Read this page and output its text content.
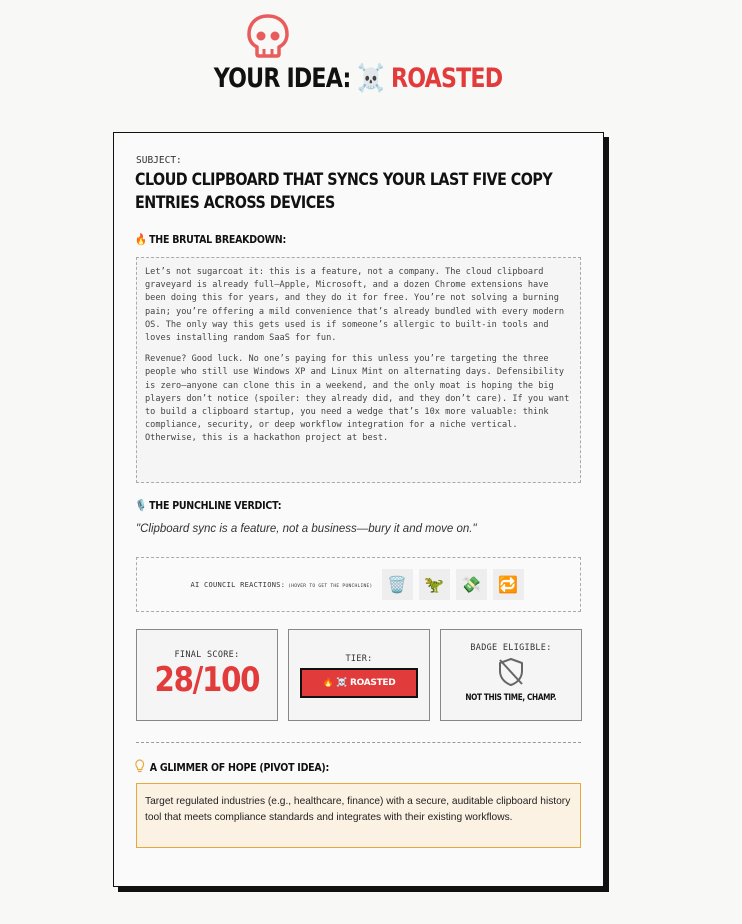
YOUR IDEA: ☠️ ROASTED
SUBJECT:
CLOUD CLIPBOARD THAT SYNCS YOUR LAST FIVE COPY ENTRIES ACROSS DEVICES
🔥 THE BRUTAL BREAKDOWN:

Let’s not sugarcoat it: this is a feature, not a company. The cloud clipboard graveyard is already full—Apple, Microsoft, and a dozen Chrome extensions have been doing this for years, and they do it for free. You’re not solving a burning pain; you’re offering a mild convenience that’s already bundled with every modern OS. The only way this gets used is if someone’s allergic to built-in tools and loves installing random SaaS for fun.

Revenue? Good luck. No one’s paying for this unless you’re targeting the three people who still use Windows XP and Linux Mint on alternating days. Defensibility is zero—anyone can clone this in a weekend, and the only moat is hoping the big players don’t notice (spoiler: they already did, and they don’t care). If you want to build a clipboard startup, you need a wedge that’s 10x more valuable: think compliance, security, or deep workflow integration for a niche vertical. Otherwise, this is a hackathon project at best.

🎙️ THE PUNCHLINE VERDICT:
"Clipboard sync is a feature, not a business—bury it and move on."
AI COUNCIL REACTIONS: (HOVER TO GET THE PUNCHLINE) 🗑️	🦖	💸	🔁
FINAL SCORE:
28/100
TIER:
🔥 ☠️ ROASTED
BADGE ELIGIBLE:
NOT THIS TIME, CHAMP.
A GLIMMER OF HOPE (PIVOT IDEA):
Target regulated industries (e.g., healthcare, finance) with a secure, auditable clipboard history tool that meets compliance standards and integrates with their existing workflows.
